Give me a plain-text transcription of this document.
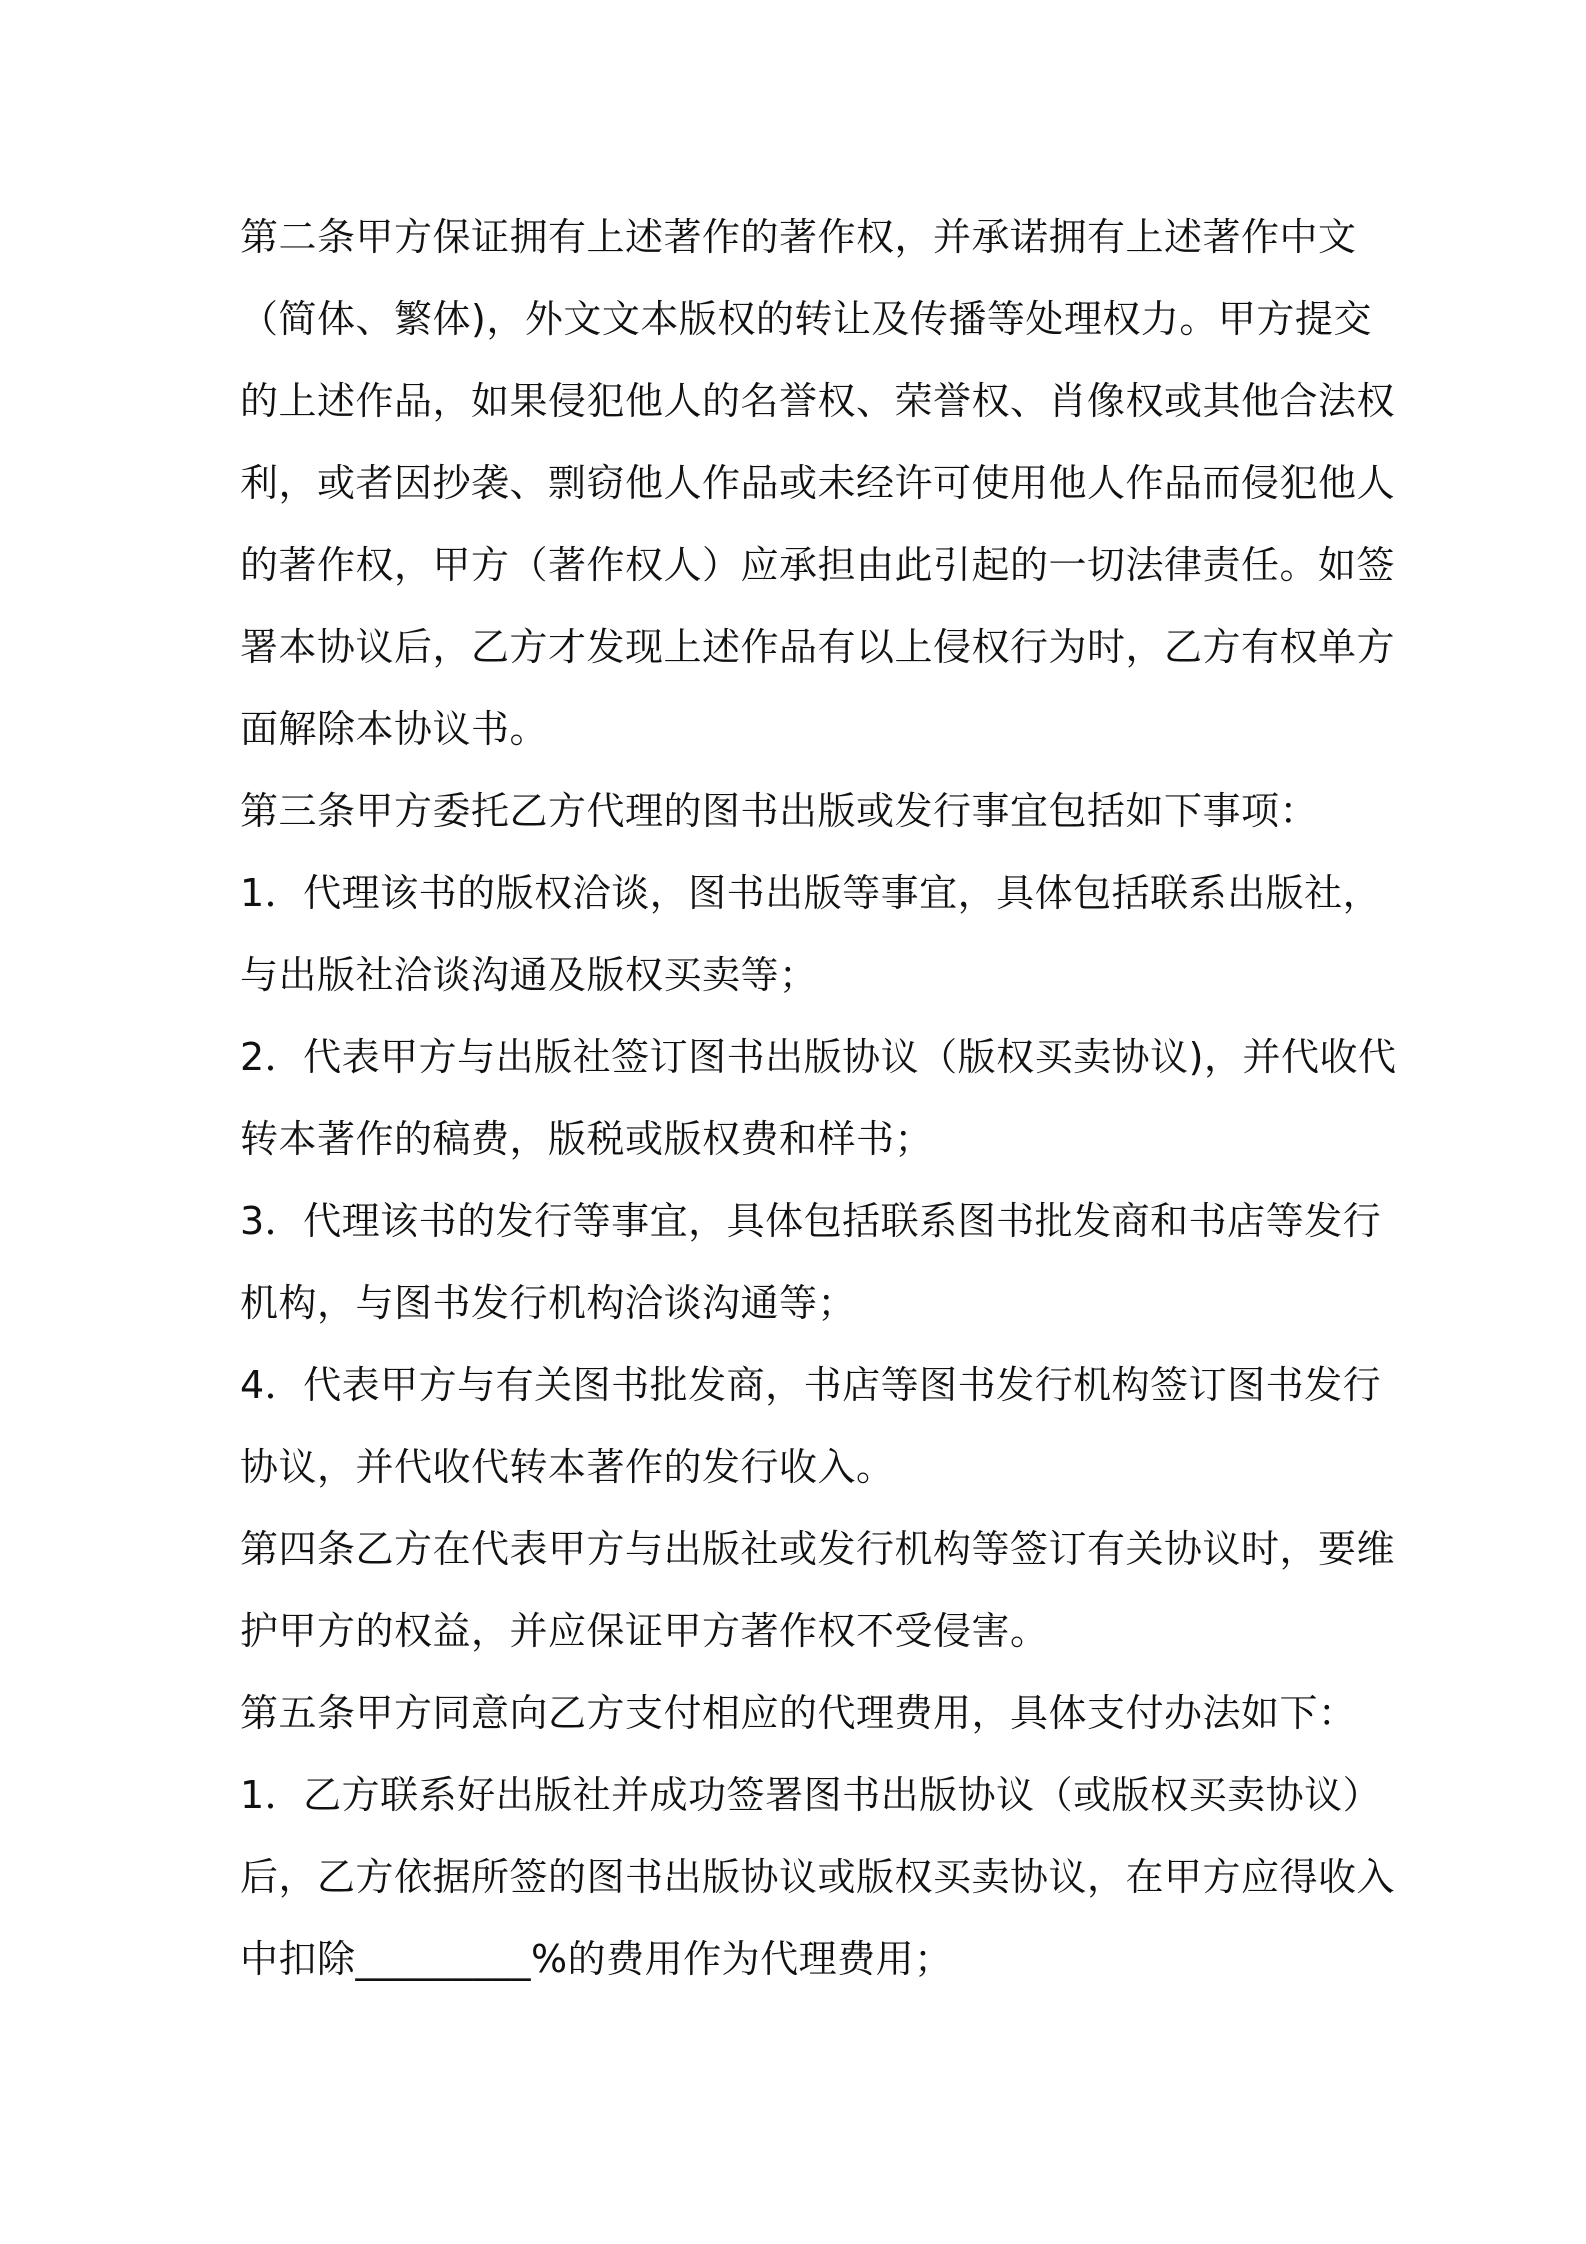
第二条甲方保证拥有上述著作的著作权，并承诺拥有上述著作中文
（简体、繁体)，外文文本版权的转让及传播等处理权力。甲方提交
的上述作品，如果侵犯他人的名誉权、荣誉权、肖像权或其他合法权
利，或者因抄袭、剽窃他人作品或未经许可使用他人作品而侵犯他人
的著作权，甲方（著作权人）应承担由此引起的一切法律责任。如签
署本协议后，乙方才发现上述作品有以上侵权行为时，乙方有权单方
面解除本协议书。
第三条甲方委托乙方代理的图书出版或发行事宜包括如下事项：
1．代理该书的版权洽谈，图书出版等事宜，具体包括联系出版社，
与出版社洽谈沟通及版权买卖等；
2．代表甲方与出版社签订图书出版协议（版权买卖协议)，并代收代
转本著作的稿费，版税或版权费和样书；
3．代理该书的发行等事宜，具体包括联系图书批发商和书店等发行
机构，与图书发行机构洽谈沟通等；
4．代表甲方与有关图书批发商，书店等图书发行机构签订图书发行
协议，并代收代转本著作的发行收入。
第四条乙方在代表甲方与出版社或发行机构等签订有关协议时，要维
护甲方的权益，并应保证甲方著作权不受侵害。
第五条甲方同意向乙方支付相应的代理费用，具体支付办法如下：
1．乙方联系好出版社并成功签署图书出版协议（或版权买卖协议）
后，乙方依据所签的图书出版协议或版权买卖协议，在甲方应得收入
中扣除_________%的费用作为代理费用；
